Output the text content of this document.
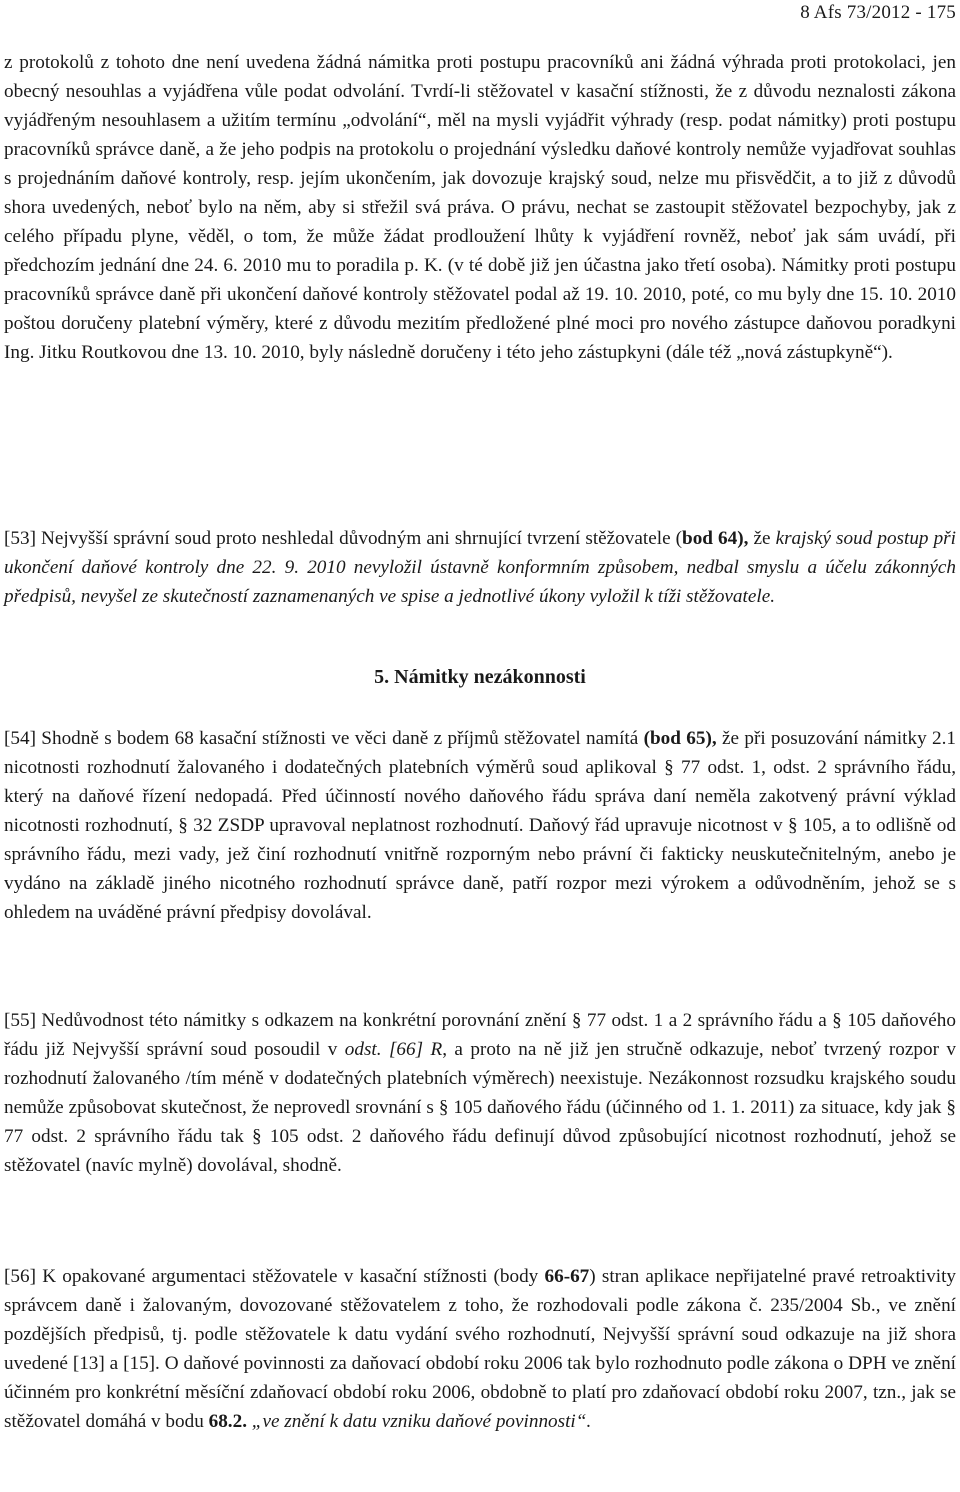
8 Afs 73/2012 - 175

z protokolů z tohoto dne není uvedena žádná námitka proti postupu pracovníků ani žádná výhrada proti protokolaci, jen obecný nesouhlas a vyjádřena vůle podat odvolání. Tvrdí-li stěžovatel v kasační stížnosti, že z důvodu neznalosti zákona vyjádřeným nesouhlasem a užitím termínu „odvolání“, měl na mysli vyjádřit výhrady (resp. podat námitky) proti postupu pracovníků správce daně, a že jeho podpis na protokolu o projednání výsledku daňové kontroly nemůže vyjadřovat souhlas s projednáním daňové kontroly, resp. jejím ukončením, jak dovozuje krajský soud, nelze mu přisvědčit, a to již z důvodů shora uvedených, neboť bylo na něm, aby si střežil svá práva. O právu, nechat se zastoupit stěžovatel bezpochyby, jak z celého případu plyne, věděl, o tom, že může žádat prodloužení lhůty k vyjádření rovněž, neboť jak sám uvádí, při předchozím jednání dne 24. 6. 2010 mu to poradila p. K. (v té době již jen účastna jako třetí osoba). Námitky proti postupu pracovníků správce daně při ukončení daňové kontroly stěžovatel podal až 19. 10. 2010, poté, co mu byly dne 15. 10. 2010 poštou doručeny platební výměry, které z důvodu mezitím předložené plné moci pro nového zástupce daňovou poradkyni Ing. Jitku Routkovou dne 13. 10. 2010, byly následně doručeny i této jeho zástupkyni (dále též „nová zástupkyně“).

[53] Nejvyšší správní soud proto neshledal důvodným ani shrnující tvrzení stěžovatele (bod 64), že krajský soud postup při ukončení daňové kontroly dne 22. 9. 2010 nevyložil ústavně konformním způsobem, nedbal smyslu a účelu zákonných předpisů, nevyšel ze skutečností zaznamenaných ve spise a jednotlivé úkony vyložil k tíži stěžovatele.

5. Námitky nezákonnosti

[54] Shodně s bodem 68 kasační stížnosti ve věci daně z příjmů stěžovatel namítá (bod 65), že při posuzování námitky 2.1 nicotnosti rozhodnutí žalovaného i dodatečných platebních výměrů soud aplikoval § 77 odst. 1, odst. 2 správního řádu, který na daňové řízení nedopadá. Před účinností nového daňového řádu správa daní neměla zakotvený právní výklad nicotnosti rozhodnutí, § 32 ZSDP upravoval neplatnost rozhodnutí. Daňový řád upravuje nicotnost v § 105, a to odlišně od správního řádu, mezi vady, jež činí rozhodnutí vnitřně rozporným nebo právní či fakticky neuskutečnitelným, anebo je vydáno na základě jiného nicotného rozhodnutí správce daně, patří rozpor mezi výrokem a odůvodněním, jehož se s ohledem na uváděné právní předpisy dovolával.

[55] Nedůvodnost této námitky s odkazem na konkrétní porovnání znění § 77 odst. 1 a 2 správního řádu a § 105 daňového řádu již Nejvyšší správní soud posoudil v odst. [66] R, a proto na ně již jen stručně odkazuje, neboť tvrzený rozpor v rozhodnutí žalovaného /tím méně v dodatečných platebních výměrech) neexistuje. Nezákonnost rozsudku krajského soudu nemůže způsobovat skutečnost, že neprovedl srovnání s § 105 daňového řádu (účinného od 1. 1. 2011) za situace, kdy jak § 77 odst. 2 správního řádu tak § 105 odst. 2 daňového řádu definují důvod způsobující nicotnost rozhodnutí, jehož se stěžovatel (navíc mylně) dovolával, shodně.

[56] K opakované argumentaci stěžovatele v kasační stížnosti (body 66-67) stran aplikace nepřijatelné pravé retroaktivity správcem daně i žalovaným, dovozované stěžovatelem z toho, že rozhodovali podle zákona č. 235/2004 Sb., ve znění pozdějších předpisů, tj. podle stěžovatele k datu vydání svého rozhodnutí, Nejvyšší správní soud odkazuje na již shora uvedené [13] a [15]. O daňové povinnosti za daňovací období roku 2006 tak bylo rozhodnuto podle zákona o DPH ve znění účinném pro konkrétní měsíční zdaňovací období roku 2006, obdobně to platí pro zdaňovací období roku 2007, tzn., jak se stěžovatel domáhá v bodu 68.2. „ve znění k datu vzniku daňové povinnosti“.
